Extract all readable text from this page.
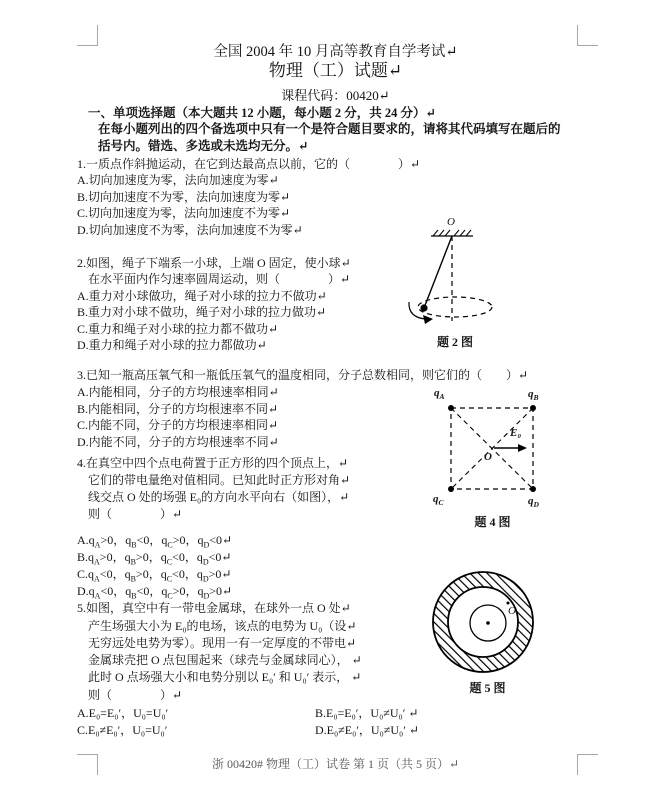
全国 2004 年 10 月高等教育自学考试↵
物理（工）试题↵
课程代码：00420↵
一、单项选择题（本大题共 12 小题，每小题 2 分，共 24 分）↵
在每小题列出的四个备选项中只有一个是符合题目要求的，请将其代码填写在题后的
括号内。错选、多选或未选均无分。↵
1.一质点作斜抛运动，在它到达最高点以前，它的（　　　　）↵
A.切向加速度为零，法向加速度为零↵
B.切向加速度不为零，法向加速度为零↵
C.切向加速度为零，法向加速度不为零↵
D.切向加速度不为零，法向加速度不为零↵
2.如图，绳子下端系一小球，上端 O 固定，使小球↵
在水平面内作匀速率圆周运动，则（　　　　）↵
A.重力对小球做功，绳子对小球的拉力不做功↵
B.重力对小球不做功，绳子对小球的拉力做功↵
C.重力和绳子对小球的拉力都不做功↵
D.重力和绳子对小球的拉力都做功↵
O
题 2 图
3.已知一瓶高压氧气和一瓶低压氧气的温度相同，分子总数相同，则它们的（　　）↵
A.内能相同，分子的方均根速率相同↵
B.内能相同，分子的方均根速率不同↵
C.内能不同，分子的方均根速率相同↵
D.内能不同，分子的方均根速率不同↵
4.在真空中四个点电荷置于正方形的四个顶点上，↵
它们的带电量绝对值相同。已知此时正方形对角↵
线交点 O 处的场强 E₀的方向水平向右（如图），↵
则（　　　　）↵
$A.q_A>0$，$q_B<0$，$q_C>0$，$q_D<0↵$
$B.q_A>0$，$q_B>0$，$q_C<0$，$q_D<0↵$
$C.q_A<0$，$q_B>0$，$q_C<0$，$q_D>0↵$
$D.q_A<0$，$q_B<0$，$q_C>0$，$q_D>0↵$
$q_A$	$q_B$
$q_C$	$q_D$
E₀
O
题 4 图
5.如图，真空中有一带电金属球，在球外一点 O 处↵
产生场强大小为 E₀的电场，该点的电势为 U₀（设↵
无穷远处电势为零）。现用一有一定厚度的不带电↵
金属球壳把 O 点包围起来（球壳与金属球同心）， ↵
此时 O 点场强大小和电势分别以 E₀′ 和 U₀′ 表示， ↵
则（　　　　）↵
A.E₀=E₀′，U₀=U₀′	B.E₀=E₀′，U₀≠U₀′ ↵
C.E₀≠E₀′，U₀=U₀′	D.E₀≠E₀′，U₀≠U₀′ ↵
O
题 5 图
浙 00420# 物理（工）试卷 第 1 页（共 5 页）↵
